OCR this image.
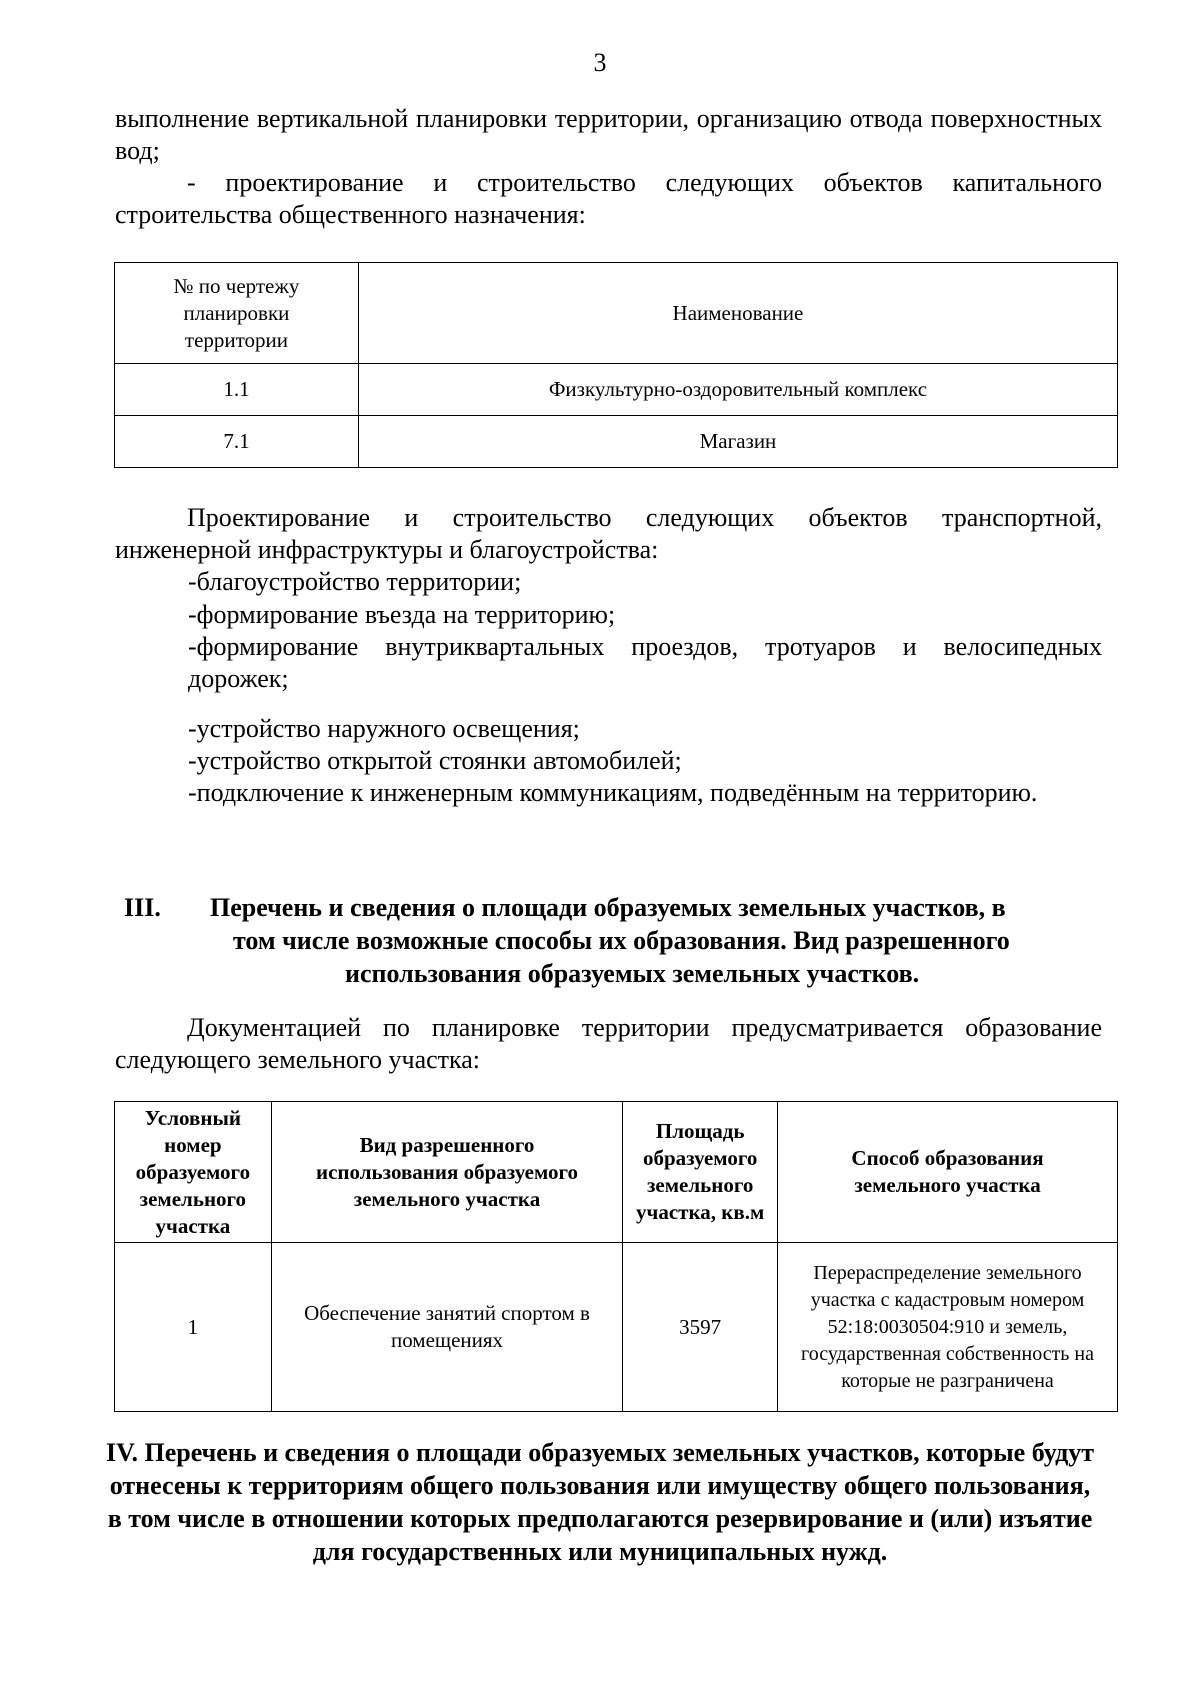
3
выполнение вертикальной планировки территории, организацию отвода поверхностных вод;
- проектирование и строительство следующих объектов капитального строительства общественного назначения:
№ по чертежу планировки территории	Наименование
1.1	Физкультурно-оздоровительный комплекс
7.1	Магазин
Проектирование и строительство следующих объектов транспортной, инженерной инфраструктуры и благоустройства:
-благоустройство территории;
-формирование въезда на территорию;
-формирование внутриквартальных проездов, тротуаров и велосипедных дорожек;
-устройство наружного освещения;
-устройство открытой стоянки автомобилей;
-подключение к инженерным коммуникациям, подведённым на территорию.
III. Перечень и сведения о площади образуемых земельных участков, в
том числе возможные способы их образования. Вид разрешенного
использования образуемых земельных участков.
Документацией по планировке территории предусматривается образование следующего земельного участка:
Условный номер образуемого земельного участка	Вид разрешенного использования образуемого земельного участка	Площадь образуемого земельного участка, кв.м	Способ образования земельного участка
1	Обеспечение занятий спортом в помещениях	3597	Перераспределение земельного участка с кадастровым номером 52:18:0030504:910 и земель, государственная собственность на которые не разграничена
IV. Перечень и сведения о площади образуемых земельных участков, которые будут отнесены к территориям общего пользования или имуществу общего пользования, в том числе в отношении которых предполагаются резервирование и (или) изъятие для государственных или муниципальных нужд.
